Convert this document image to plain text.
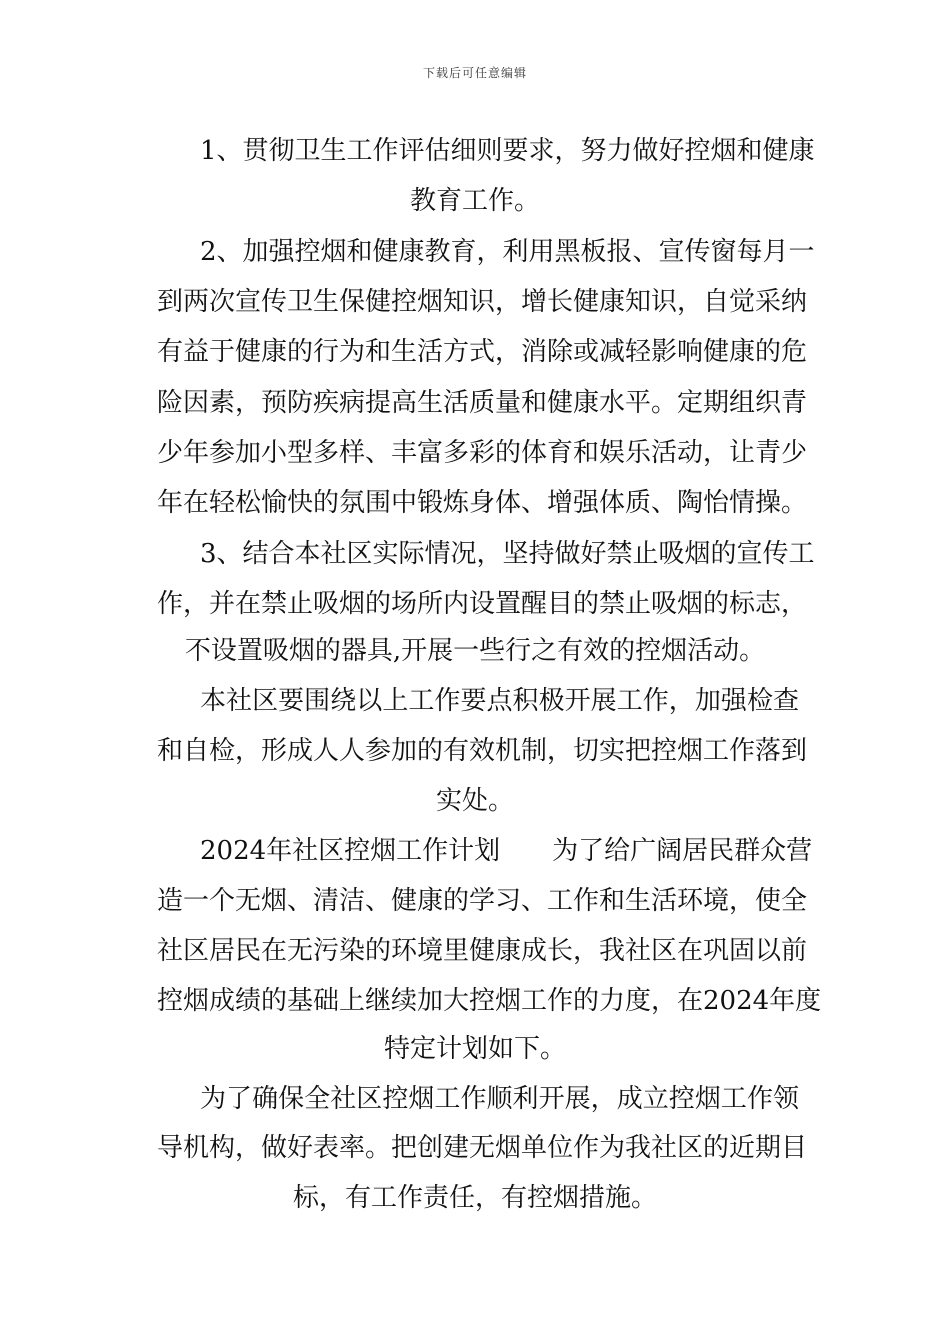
下载后可任意编辑
1、贯彻卫生工作评估细则要求，努力做好控烟和健康
教育工作。
2、加强控烟和健康教育，利用黑板报、宣传窗每月一
到两次宣传卫生保健控烟知识，增长健康知识，自觉采纳
有益于健康的行为和生活方式，消除或减轻影响健康的危
险因素，预防疾病提高生活质量和健康水平。定期组织青
少年参加小型多样、丰富多彩的体育和娱乐活动，让青少
年在轻松愉快的氛围中锻炼身体、增强体质、陶怡情操。
3、结合本社区实际情况，坚持做好禁止吸烟的宣传工
作，并在禁止吸烟的场所内设置醒目的禁止吸烟的标志，
不设置吸烟的器具,开展一些行之有效的控烟活动。
本社区要围绕以上工作要点积极开展工作，加强检查
和自检，形成人人参加的有效机制，切实把控烟工作落到
实处。
2024年社区控烟工作计划　　为了给广阔居民群众营
造一个无烟、清洁、健康的学习、工作和生活环境，使全
社区居民在无污染的环境里健康成长，我社区在巩固以前
控烟成绩的基础上继续加大控烟工作的力度，在2024年度
特定计划如下。
为了确保全社区控烟工作顺利开展，成立控烟工作领
导机构，做好表率。把创建无烟单位作为我社区的近期目
标，有工作责任，有控烟措施。
